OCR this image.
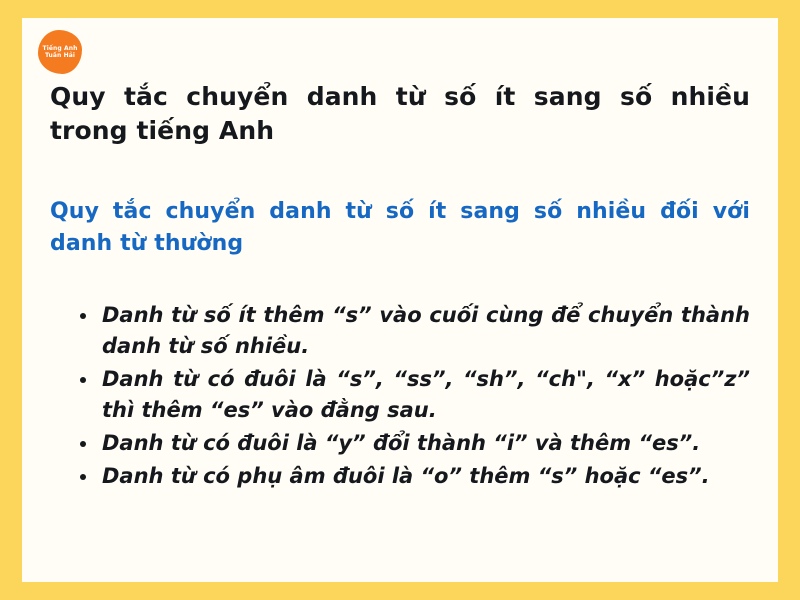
Tiếng Anh
Tuấn Hải
Quy tắc chuyển danh từ số ít sang số nhiều trong tiếng Anh
Quy tắc chuyển danh từ số ít sang số nhiều đối với danh từ thường
Danh từ số ít thêm “s” vào cuối cùng để chuyển thành danh từ số nhiều.
Danh từ có đuôi là “s”, “ss”, “sh”, “ch", “x” hoặc”z” thì thêm “es” vào đằng sau.
Danh từ có đuôi là “y” đổi thành “i” và thêm “es”.
Danh từ có phụ âm đuôi là “o” thêm “s” hoặc “es”.
